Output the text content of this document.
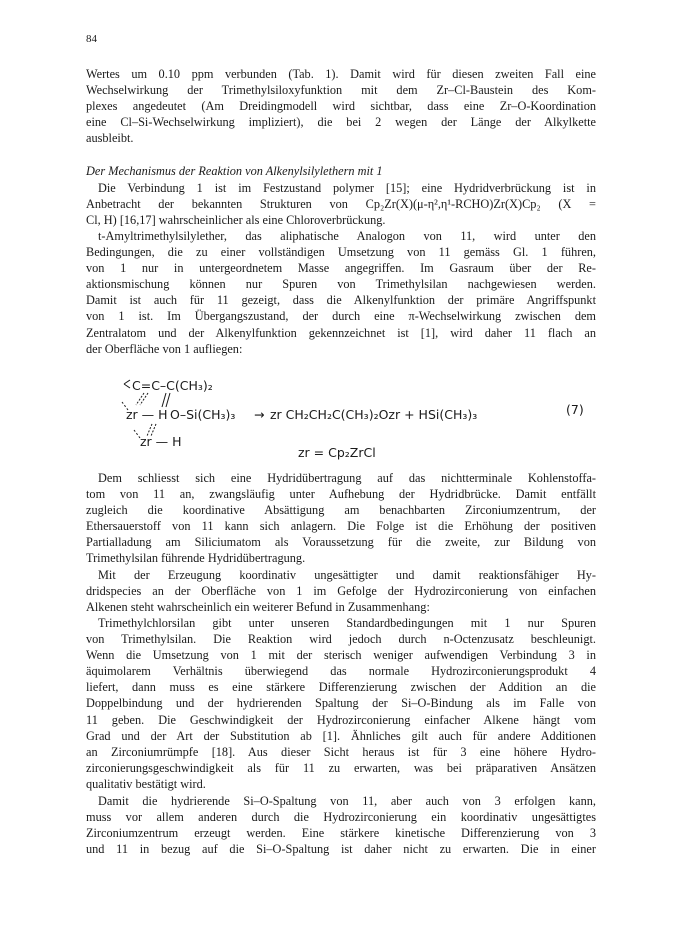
84

Wertes um 0.10 ppm verbunden (Tab. 1). Damit wird für diesen zweiten Fall eine
Wechselwirkung der Trimethylsiloxyfunktion mit dem Zr–Cl-Baustein des Kom-
plexes angedeutet (Am Dreidingmodell wird sichtbar, dass eine Zr–O-Koordination
eine Cl–Si-Wechselwirkung impliziert), die bei 2 wegen der Länge der Alkylkette
ausbleibt.

Der Mechanismus der Reaktion von Alkenylsilylethern mit 1

Die Verbindung 1 ist im Festzustand polymer [15]; eine Hydridverbrückung ist in
Anbetracht der bekannten Strukturen von Cp₂Zr(X)(μ-η²,η¹-RCHO)Zr(X)Cp₂ (X =
Cl, H) [16,17] wahrscheinlicher als eine Chloroverbrückung.

t-Amyltrimethylsilylether, das aliphatische Analogon von 11, wird unter den
Bedingungen, die zu einer vollständigen Umsetzung von 11 gemäss Gl. 1 führen,
von 1 nur in untergeordnetem Masse angegriffen. Im Gasraum über der Re-
aktionsmischung können nur Spuren von Trimethylsilan nachgewiesen werden.
Damit ist auch für 11 gezeigt, dass die Alkenylfunktion der primäre Angriffspunkt
von 1 ist. Im Übergangszustand, der durch eine π-Wechselwirkung zwischen dem
Zentralatom und der Alkenylfunktion gekennzeichnet ist [1], wird daher 11 flach an
der Oberfläche von 1 aufliegen:

C=C–C(CH₃)₂
zr — H O–Si(CH₃)₃ → zr CH₂CH₂C(CH₃)₂Ozr + HSi(CH₃)₃
zr — H
zr = Cp₂ZrCl
(7)

Dem schliesst sich eine Hydridübertragung auf das nichtterminale Kohlenstoffa-
tom von 11 an, zwangsläufig unter Aufhebung der Hydridbrücke. Damit entfällt
zugleich die koordinative Absättigung am benachbarten Zirconiumzentrum, der
Ethersauerstoff von 11 kann sich anlagern. Die Folge ist die Erhöhung der positiven
Partialladung am Siliciumatom als Voraussetzung für die zweite, zur Bildung von
Trimethylsilan führende Hydridübertragung.

Mit der Erzeugung koordinativ ungesättigter und damit reaktionsfähiger Hy-
dridspecies an der Oberfläche von 1 im Gefolge der Hydrozirconierung von einfachen
Alkenen steht wahrscheinlich ein weiterer Befund in Zusammenhang:

Trimethylchlorsilan gibt unter unseren Standardbedingungen mit 1 nur Spuren
von Trimethylsilan. Die Reaktion wird jedoch durch n-Octenzusatz beschleunigt.
Wenn die Umsetzung von 1 mit der sterisch weniger aufwendigen Verbindung 3 in
äquimolarem Verhältnis überwiegend das normale Hydrozirconierungsprodukt 4
liefert, dann muss es eine stärkere Differenzierung zwischen der Addition an die
Doppelbindung und der hydrierenden Spaltung der Si–O-Bindung als im Falle von
11 geben. Die Geschwindigkeit der Hydrozirconierung einfacher Alkene hängt vom
Grad und der Art der Substitution ab [1]. Ähnliches gilt auch für andere Additionen
an Zirconiumrümpfe [18]. Aus dieser Sicht heraus ist für 3 eine höhere Hydro-
zirconierungsgeschwindigkeit als für 11 zu erwarten, was bei präparativen Ansätzen
qualitativ bestätigt wird.

Damit die hydrierende Si–O-Spaltung von 11, aber auch von 3 erfolgen kann,
muss vor allem anderen durch die Hydrozirconierung ein koordinativ ungesättigtes
Zirconiumzentrum erzeugt werden. Eine stärkere kinetische Differenzierung von 3
und 11 in bezug auf die Si–O-Spaltung ist daher nicht zu erwarten. Die in einer
